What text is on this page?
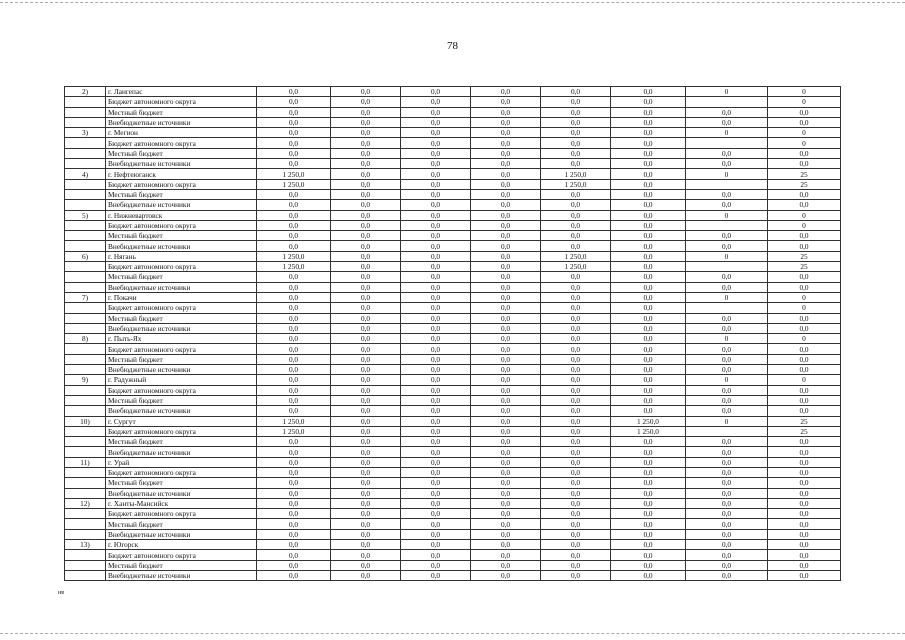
78
2)	г. Лангепас	0,0	0,0	0,0	0,0	0,0	0,0	0	0
	Бюджет автономного округа	0,0	0,0	0,0	0,0	0,0	0,0		0
	Местный бюджет	0,0	0,0	0,0	0,0	0,0	0,0	0,0	0,0
	Внебюджетные источники	0,0	0,0	0,0	0,0	0,0	0,0	0,0	0,0
3)	г. Мегион	0,0	0,0	0,0	0,0	0,0	0,0	0	0
	Бюджет автономного округа	0,0	0,0	0,0	0,0	0,0	0,0		0
	Местный бюджет	0,0	0,0	0,0	0,0	0,0	0,0	0,0	0,0
	Внебюджетные источники	0,0	0,0	0,0	0,0	0,0	0,0	0,0	0,0
4)	г. Нефтеюганск	1 250,0	0,0	0,0	0,0	1 250,0	0,0	0	25
	Бюджет автономного округа	1 250,0	0,0	0,0	0,0	1 250,0	0,0		25
	Местный бюджет	0,0	0,0	0,0	0,0	0,0	0,0	0,0	0,0
	Внебюджетные источники	0,0	0,0	0,0	0,0	0,0	0,0	0,0	0,0
5)	г. Нижневартовск	0,0	0,0	0,0	0,0	0,0	0,0	0	0
	Бюджет автономного округа	0,0	0,0	0,0	0,0	0,0	0,0		0
	Местный бюджет	0,0	0,0	0,0	0,0	0,0	0,0	0,0	0,0
	Внебюджетные источники	0,0	0,0	0,0	0,0	0,0	0,0	0,0	0,0
6)	г. Нягань	1 250,0	0,0	0,0	0,0	1 250,0	0,0	0	25
	Бюджет автономного округа	1 250,0	0,0	0,0	0,0	1 250,0	0,0		25
	Местный бюджет	0,0	0,0	0,0	0,0	0,0	0,0	0,0	0,0
	Внебюджетные источники	0,0	0,0	0,0	0,0	0,0	0,0	0,0	0,0
7)	г. Покачи	0,0	0,0	0,0	0,0	0,0	0,0	0	0
	Бюджет автономного округа	0,0	0,0	0,0	0,0	0,0	0,0		0
	Местный бюджет	0,0	0,0	0,0	0,0	0,0	0,0	0,0	0,0
	Внебюджетные источники	0,0	0,0	0,0	0,0	0,0	0,0	0,0	0,0
8)	г. Пыть-Ях	0,0	0,0	0,0	0,0	0,0	0,0	0	0
	Бюджет автономного округа	0,0	0,0	0,0	0,0	0,0	0,0	0,0	0,0
	Местный бюджет	0,0	0,0	0,0	0,0	0,0	0,0	0,0	0,0
	Внебюджетные источники	0,0	0,0	0,0	0,0	0,0	0,0	0,0	0,0
9)	г. Радужный	0,0	0,0	0,0	0,0	0,0	0,0	0	0
	Бюджет автономного округа	0,0	0,0	0,0	0,0	0,0	0,0	0,0	0,0
	Местный бюджет	0,0	0,0	0,0	0,0	0,0	0,0	0,0	0,0
	Внебюджетные источники	0,0	0,0	0,0	0,0	0,0	0,0	0,0	0,0
10)	г. Сургут	1 250,0	0,0	0,0	0,0	0,0	1 250,0	0	25
	Бюджет автономного округа	1 250,0	0,0	0,0	0,0	0,0	1 250,0		25
	Местный бюджет	0,0	0,0	0,0	0,0	0,0	0,0	0,0	0,0
	Внебюджетные источники	0,0	0,0	0,0	0,0	0,0	0,0	0,0	0,0
11)	г. Урай	0,0	0,0	0,0	0,0	0,0	0,0	0,0	0,0
	Бюджет автономного округа	0,0	0,0	0,0	0,0	0,0	0,0	0,0	0,0
	Местный бюджет	0,0	0,0	0,0	0,0	0,0	0,0	0,0	0,0
	Внебюджетные источники	0,0	0,0	0,0	0,0	0,0	0,0	0,0	0,0
12)	г. Ханты-Мансийск	0,0	0,0	0,0	0,0	0,0	0,0	0,0	0,0
	Бюджет автономного округа	0,0	0,0	0,0	0,0	0,0	0,0	0,0	0,0
	Местный бюджет	0,0	0,0	0,0	0,0	0,0	0,0	0,0	0,0
	Внебюджетные источники	0,0	0,0	0,0	0,0	0,0	0,0	0,0	0,0
13)	г. Югорск	0,0	0,0	0,0	0,0	0,0	0,0	0,0	0,0
	Бюджет автономного округа	0,0	0,0	0,0	0,0	0,0	0,0	0,0	0,0
	Местный бюджет	0,0	0,0	0,0	0,0	0,0	0,0	0,0	0,0
	Внебюджетные источники	0,0	0,0	0,0	0,0	0,0	0,0	0,0	0,0
нв
